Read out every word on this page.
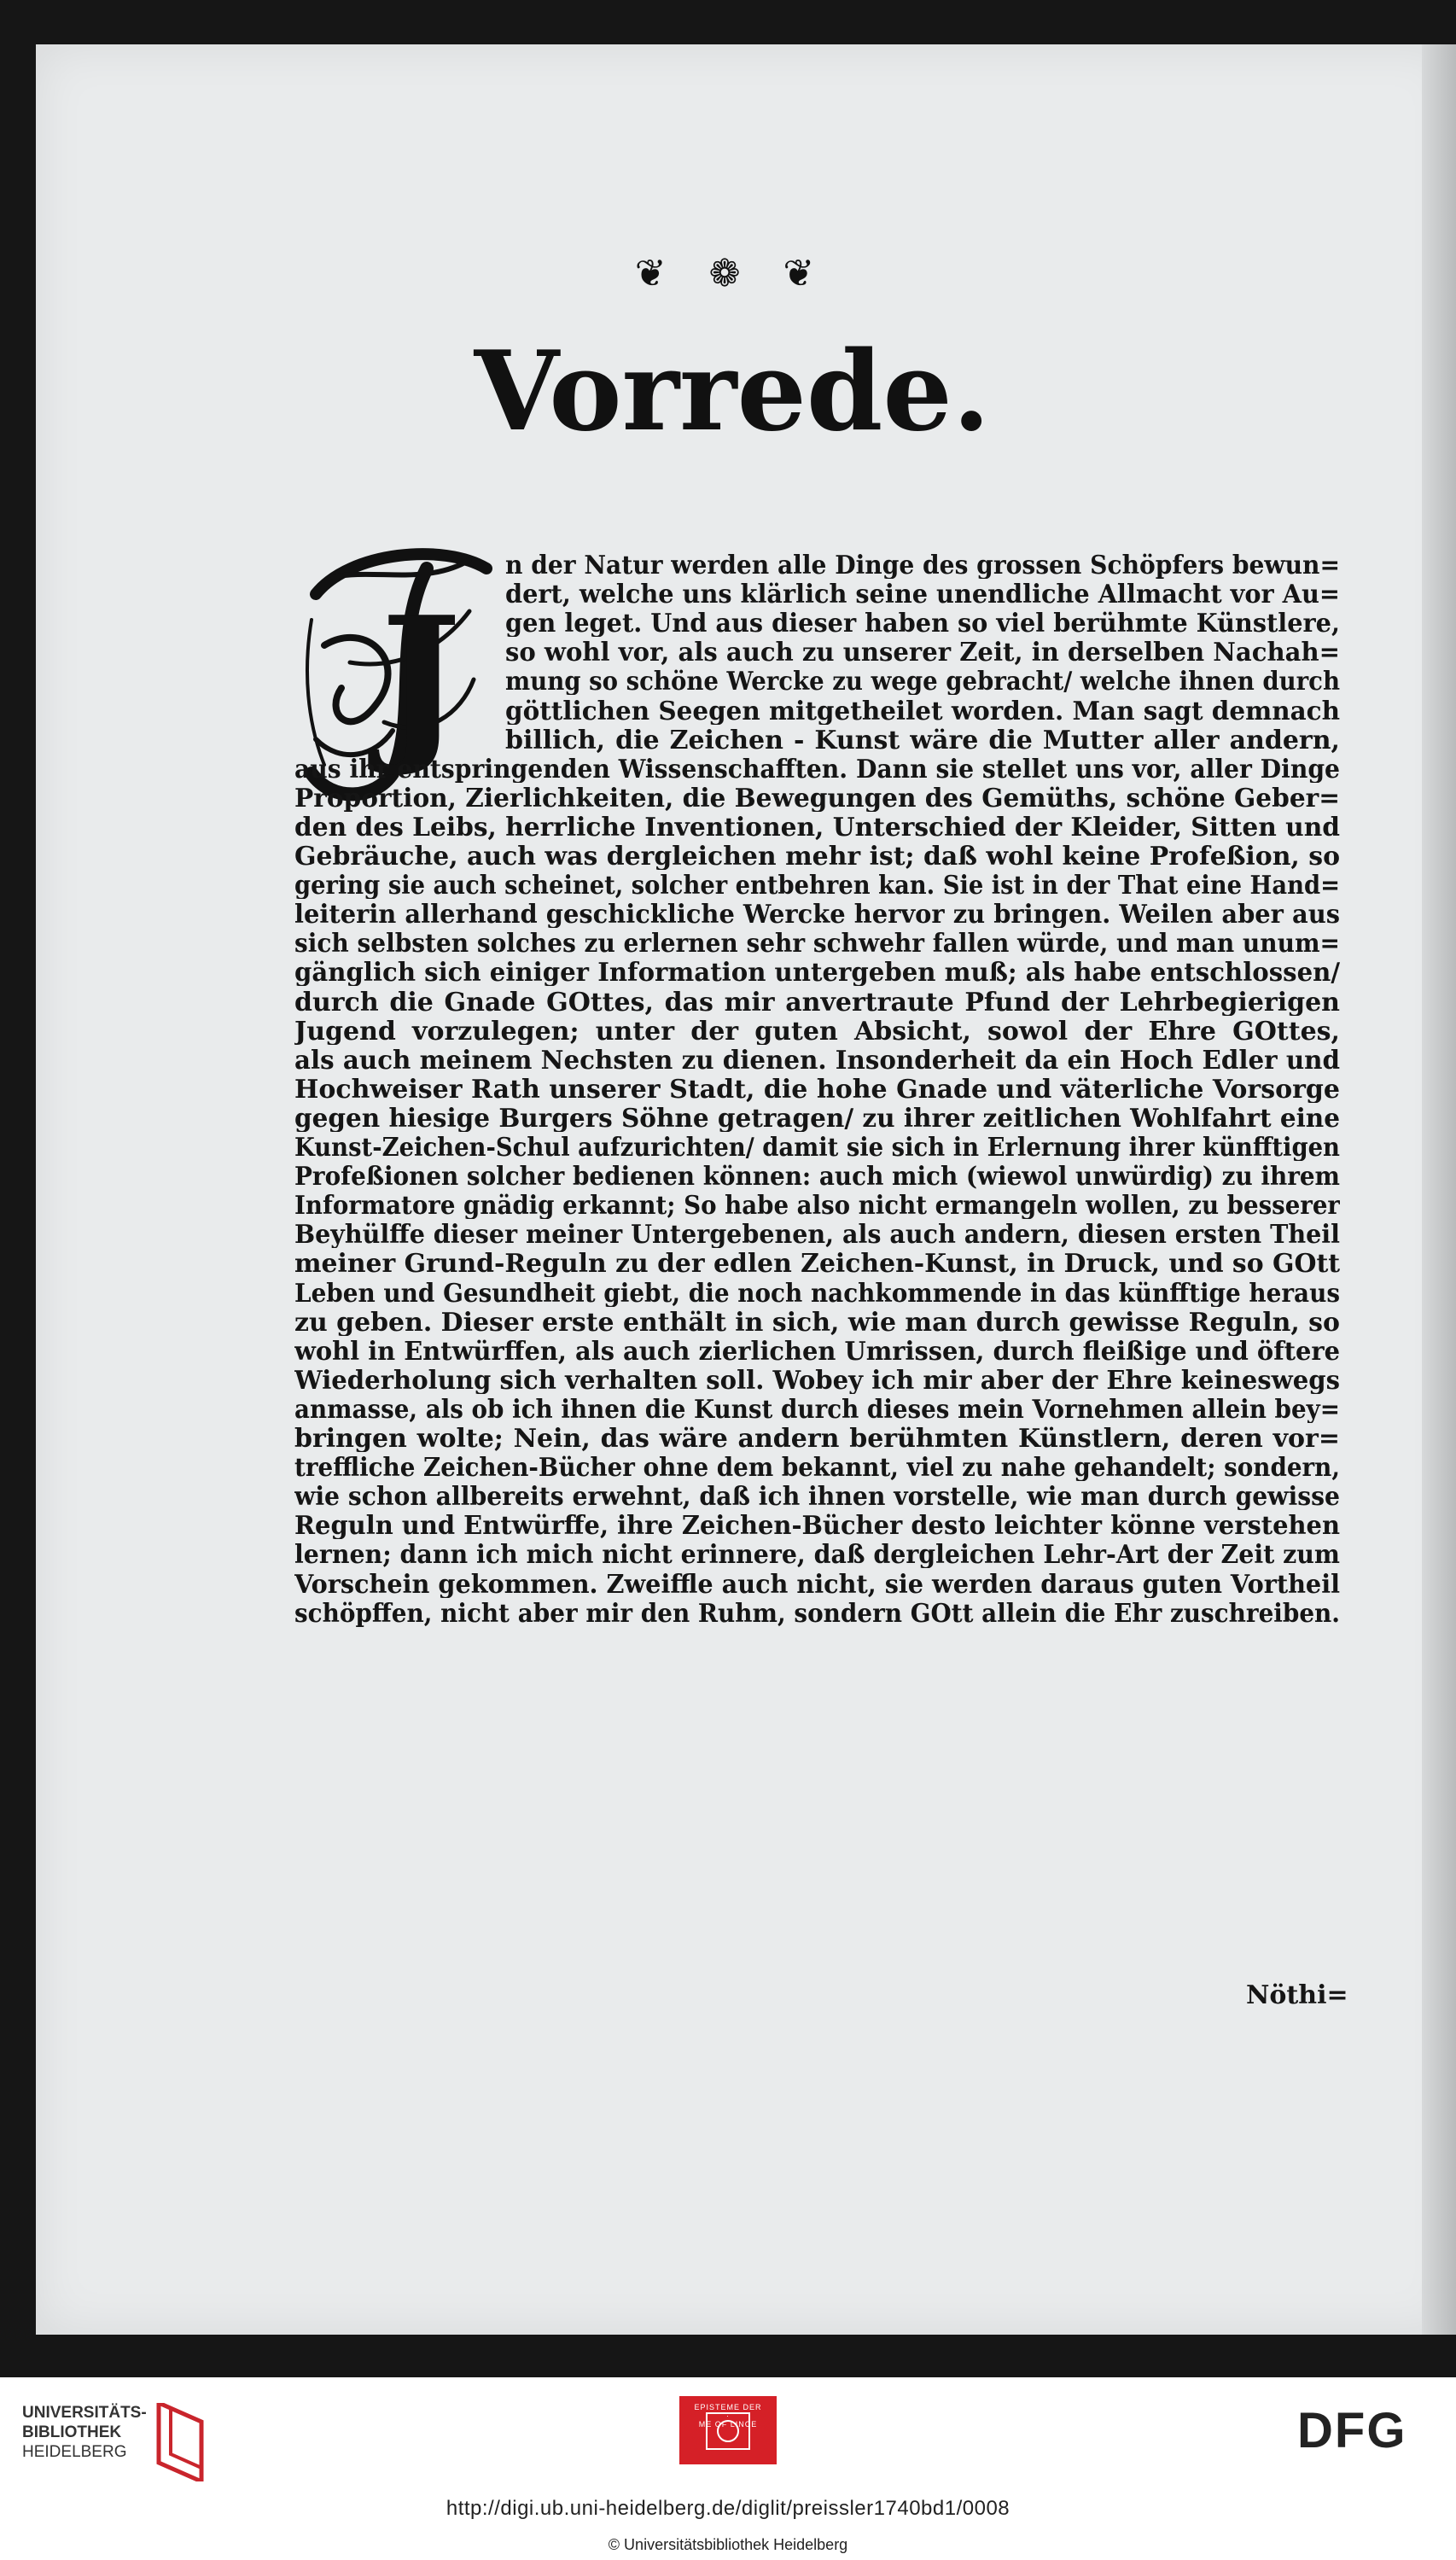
❦ ❁ ❦
Vorrede.
J
n der Natur werden alle Dinge des grossen Schöpfers bewun=
dert, welche uns klärlich seine unendliche Allmacht vor Au=
gen leget. Und aus dieser haben so viel berühmte Künstlere,
so wohl vor, als auch zu unserer Zeit, in derselben Nachah=
mung so schöne Wercke zu wege gebracht/ welche ihnen durch
göttlichen Seegen mitgetheilet worden. Man sagt demnach
billich, die Zeichen - Kunst wäre die Mutter aller andern,
aus ihr entspringenden Wissenschafften. Dann sie stellet uns vor, aller Dinge
Proportion, Zierlichkeiten, die Bewegungen des Gemüths, schöne Geber=
den des Leibs, herrliche Inventionen, Unterschied der Kleider, Sitten und
Gebräuche, auch was dergleichen mehr ist; daß wohl keine Profeßion, so
gering sie auch scheinet, solcher entbehren kan. Sie ist in der That eine Hand=
leiterin allerhand geschickliche Wercke hervor zu bringen. Weilen aber aus
sich selbsten solches zu erlernen sehr schwehr fallen würde, und man unum=
gänglich sich einiger Information untergeben muß; als habe entschlossen/
durch die Gnade GOttes, das mir anvertraute Pfund der Lehrbegierigen
Jugend vorzulegen; unter der guten Absicht, sowol der Ehre GOttes,
als auch meinem Nechsten zu dienen. Insonderheit da ein Hoch Edler und
Hochweiser Rath unserer Stadt, die hohe Gnade und väterliche Vorsorge
gegen hiesige Burgers Söhne getragen/ zu ihrer zeitlichen Wohlfahrt eine
Kunst-Zeichen-Schul aufzurichten/ damit sie sich in Erlernung ihrer künfftigen
Profeßionen solcher bedienen können: auch mich (wiewol unwürdig) zu ihrem
Informatore gnädig erkannt; So habe also nicht ermangeln wollen, zu besserer
Beyhülffe dieser meiner Untergebenen, als auch andern, diesen ersten Theil
meiner Grund-Reguln zu der edlen Zeichen-Kunst, in Druck, und so GOtt
Leben und Gesundheit giebt, die noch nachkommende in das künfftige heraus
zu geben. Dieser erste enthält in sich, wie man durch gewisse Reguln, so
wohl in Entwürffen, als auch zierlichen Umrissen, durch fleißige und öftere
Wiederholung sich verhalten soll. Wobey ich mir aber der Ehre keineswegs
anmasse, als ob ich ihnen die Kunst durch dieses mein Vornehmen allein bey=
bringen wolte; Nein, das wäre andern berühmten Künstlern, deren vor=
treffliche Zeichen-Bücher ohne dem bekannt, viel zu nahe gehandelt; sondern,
wie schon allbereits erwehnt, daß ich ihnen vorstelle, wie man durch gewisse
Reguln und Entwürffe, ihre Zeichen-Bücher desto leichter könne verstehen
lernen; dann ich mich nicht erinnere, daß dergleichen Lehr-Art der Zeit zum
Vorschein gekommen. Zweiffle auch nicht, sie werden daraus guten Vortheil
schöpffen, nicht aber mir den Ruhm, sondern GOtt allein die Ehr zuschreiben.
Nöthi=
UNIVERSITÄTS-
BIBLIOTHEK
HEIDELBERG
EPISTEME DER
·
ME OF LINCE	DFG
http://digi.ub.uni-heidelberg.de/diglit/preissler1740bd1/0008
© Universitätsbibliothek Heidelberg
